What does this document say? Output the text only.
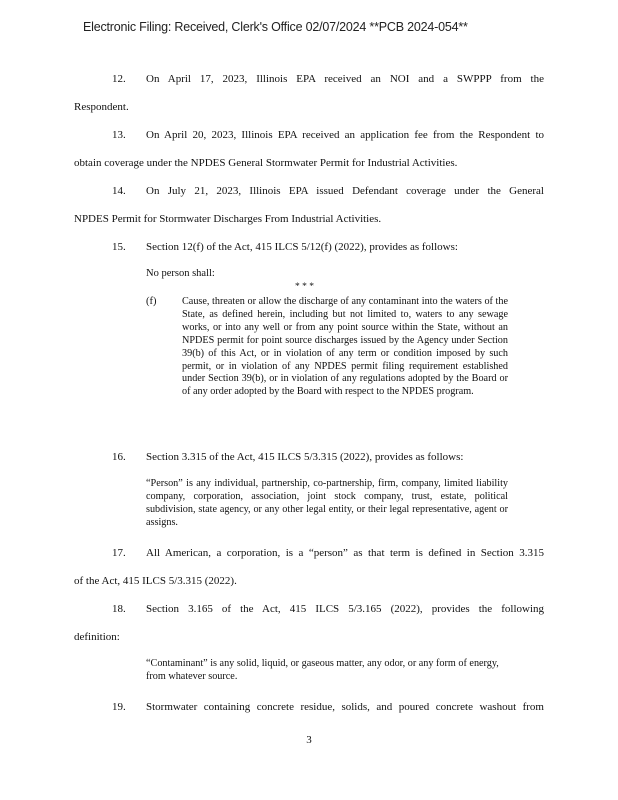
Electronic Filing: Received, Clerk's Office 02/07/2024 **PCB 2024-054**
12. On April 17, 2023, Illinois EPA received an NOI and a SWPPP from the
Respondent.
13. On April 20, 2023, Illinois EPA received an application fee from the Respondent to
obtain coverage under the NPDES General Stormwater Permit for Industrial Activities.
14. On July 21, 2023, Illinois EPA issued Defendant coverage under the General
NPDES Permit for Stormwater Discharges From Industrial Activities.
15. Section 12(f) of the Act, 415 ILCS 5/12(f) (2022), provides as follows:
No person shall:
* * *
(f)	Cause, threaten or allow the discharge of any contaminant into the waters of the State, as defined herein, including but not limited to, waters to any sewage works, or into any well or from any point source within the State, without an NPDES permit for point source discharges issued by the Agency under Section 39(b) of this Act, or in violation of any term or condition imposed by such permit, or in violation of any NPDES permit filing requirement established under Section 39(b), or in violation of any regulations adopted by the Board or of any order adopted by the Board with respect to the NPDES program.
16. Section 3.315 of the Act, 415 ILCS 5/3.315 (2022), provides as follows:
“Person” is any individual, partnership, co-partnership, firm, company, limited liability company, corporation, association, joint stock company, trust, estate, political subdivision, state agency, or any other legal entity, or their legal representative, agent or assigns.
17. All American, a corporation, is a “person” as that term is defined in Section 3.315
of the Act, 415 ILCS 5/3.315 (2022).
18. Section 3.165 of the Act, 415 ILCS 5/3.165 (2022), provides the following
definition:
“Contaminant” is any solid, liquid, or gaseous matter, any odor, or any form of energy, from whatever source.
19. Stormwater containing concrete residue, solids, and poured concrete washout from
3
